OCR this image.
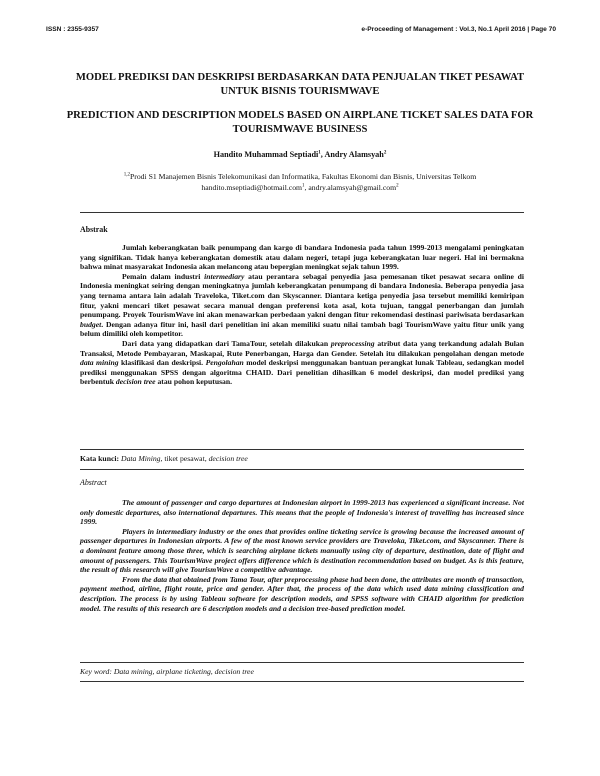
ISSN : 2355-9357	e-Proceeding of Management : Vol.3, No.1 April 2016 | Page 70
MODEL PREDIKSI DAN DESKRIPSI BERDASARKAN DATA PENJUALAN TIKET PESAWAT UNTUK BISNIS TOURISMWAVE
PREDICTION AND DESCRIPTION MODELS BASED ON AIRPLANE TICKET SALES DATA FOR TOURISMWAVE BUSINESS
Handito Muhammad Septiadi$^1$, Andry Alamsyah$^2$
$^{1,2}$Prodi S1 Manajemen Bisnis Telekomunikasi dan Informatika, Fakultas Ekonomi dan Bisnis, Universitas Telkom
handito.mseptiadi@hotmail.com$^1$, andry.alamsyah@gmail.com$^2$
Abstrak

Jumlah keberangkatan baik penumpang dan kargo di bandara Indonesia pada tahun 1999-2013 mengalami peningkatan yang signifikan. Tidak hanya keberangkatan domestik atau dalam negeri, tetapi juga keberangkatan luar negeri. Hal ini bermakna bahwa minat masyarakat Indonesia akan melancong atau bepergian meningkat sejak tahun 1999.

Pemain dalam industri intermediary atau perantara sebagai penyedia jasa pemesanan tiket pesawat secara online di Indonesia meningkat seiring dengan meningkatnya jumlah keberangkatan penumpang di bandara Indonesia. Beberapa penyedia jasa yang ternama antara lain adalah Traveloka, Tiket.com dan Skyscanner. Diantara ketiga penyedia jasa tersebut memiliki kemiripan fitur, yakni mencari tiket pesawat secara manual dengan preferensi kota asal, kota tujuan, tanggal penerbangan dan jumlah penumpang. Proyek TourismWave ini akan menawarkan perbedaan yakni dengan fitur rekomendasi destinasi pariwisata berdasarkan budget. Dengan adanya fitur ini, hasil dari penelitian ini akan memiliki suatu nilai tambah bagi TourismWave yaitu fitur unik yang belum dimiliki oleh kompetitor.

Dari data yang didapatkan dari TamaTour, setelah dilakukan preprocessing atribut data yang terkandung adalah Bulan Transaksi, Metode Pembayaran, Maskapai, Rute Penerbangan, Harga dan Gender. Setelah itu dilakukan pengolahan dengan metode data mining klasifikasi dan deskripsi. Pengolahan model deskripsi menggunakan bantuan perangkat lunak Tableau, sedangkan model prediksi menggunakan SPSS dengan algoritma CHAID. Dari penelitian dihasilkan 6 model deskripsi, dan model prediksi yang berbentuk decision tree atau pohon keputusan.

Kata kunci: Data Mining, tiket pesawat, decision tree
Abstract

The amount of passenger and cargo departures at Indonesian airport in 1999-2013 has experienced a significant increase. Not only domestic departures, also international departures. This means that the people of Indonesia's interest of travelling has increased since 1999.

Players in intermediary industry or the ones that provides online ticketing service is growing because the increased amount of passenger departures in Indonesian airports. A few of the most known service providers are Traveloka, Tiket.com, and Skyscanner. There is a dominant feature among those three, which is searching airplane tickets manually using city of departure, destination, date of flight and amount of passengers. This TourismWave project offers difference which is destination recommendation based on budget. As is this feature, the result of this research will give TourismWave a competitive advantage.

From the data that obtained from Tama Tour, after preprocessing phase had been done, the attributes are month of transaction, payment method, airline, flight route, price and gender. After that, the process of the data which used data mining classification and description. The process is by using Tableau software for description models, and SPSS software with CHAID algorithm for prediction model. The results of this research are 6 description models and a decision tree-based prediction model.

Key word: Data mining, airplane ticketing, decision tree
